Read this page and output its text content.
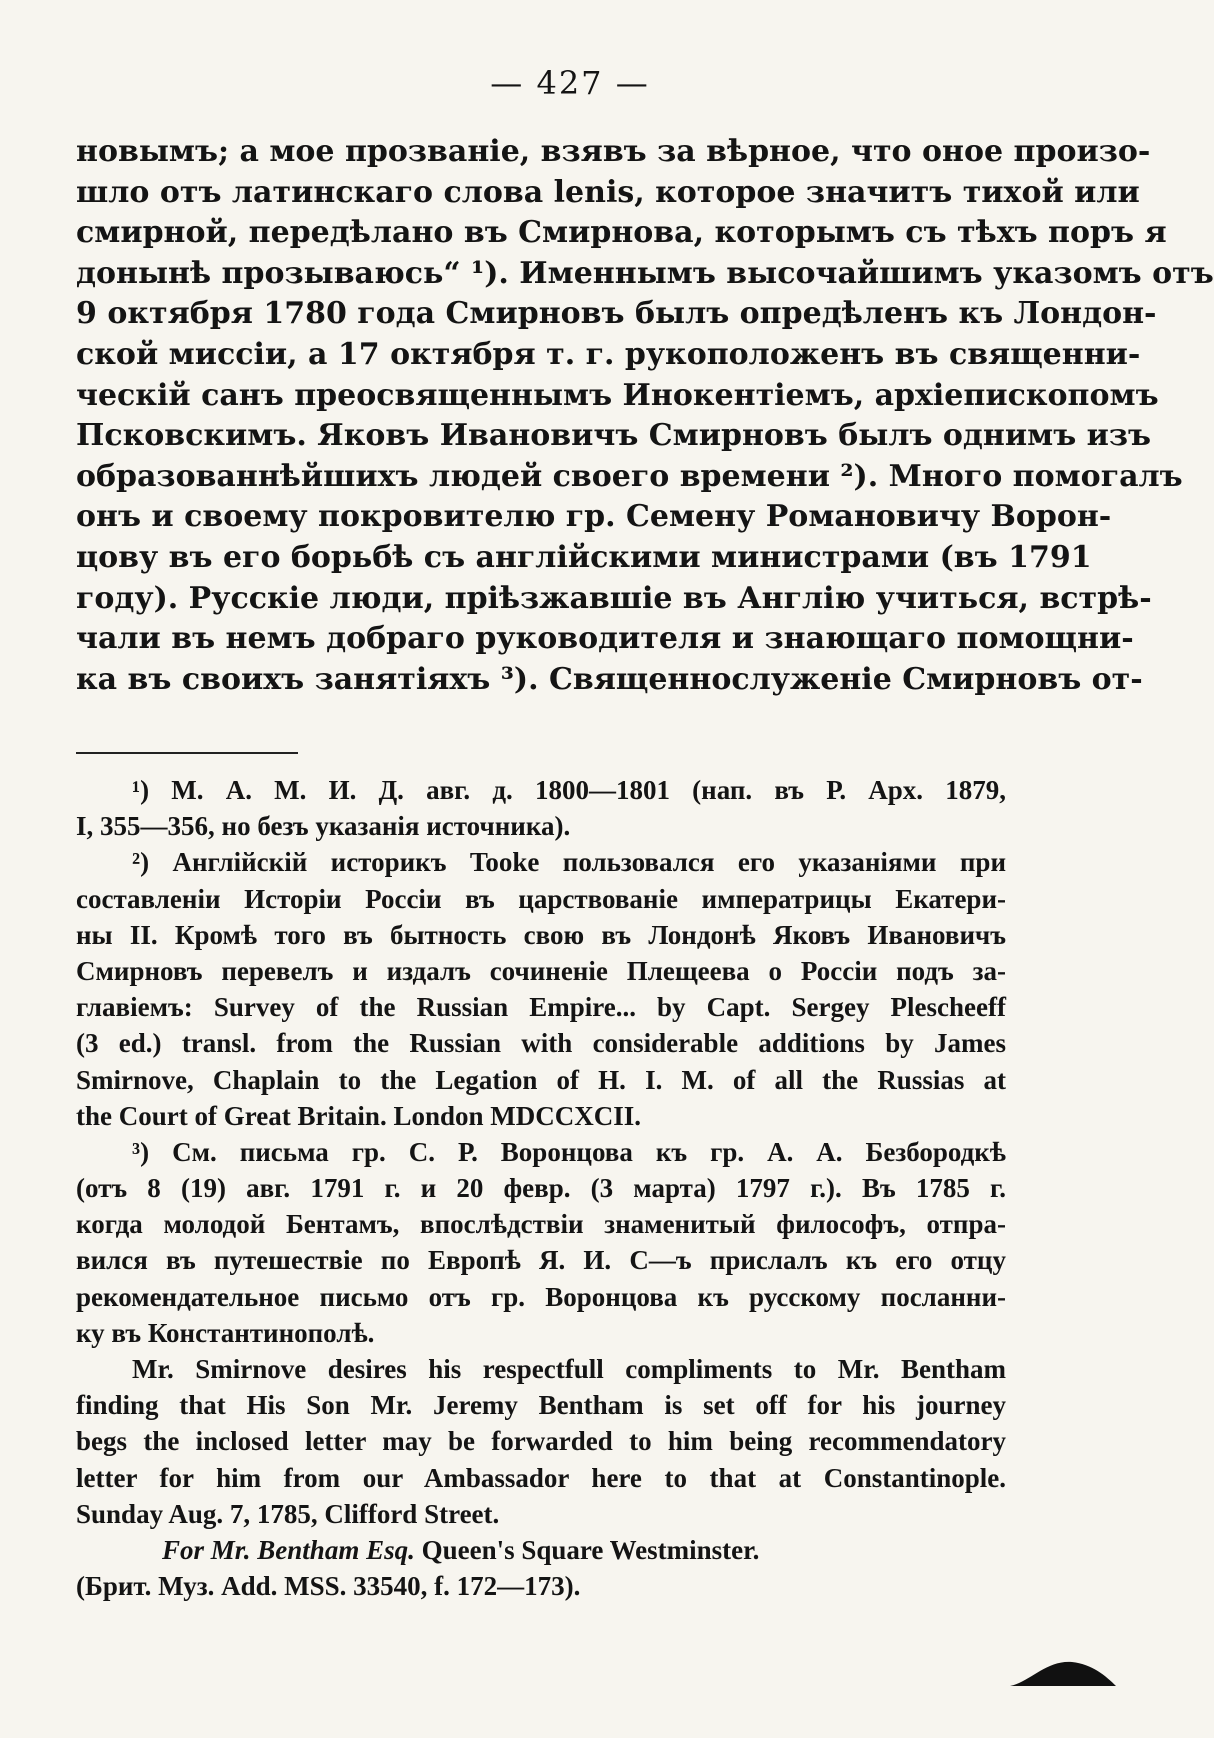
— 427 —
новымъ; а мое прозваніе, взявъ за вѣрное, что оное произо-
шло отъ латинскаго слова lenis, которое значитъ тихой или
смирной, передѣлано въ Смирнова, которымъ съ тѣхъ поръ я
донынѣ прозываюсь“ ¹). Именнымъ высочайшимъ указомъ отъ
9 октября 1780 года Смирновъ былъ опредѣленъ къ Лондон-
ской миссіи, а 17 октября т. г. рукоположенъ въ священни-
ческій санъ преосвященнымъ Инокентіемъ, архіепископомъ
Псковскимъ. Яковъ Ивановичъ Смирновъ былъ однимъ изъ
образованнѣйшихъ людей своего времени ²). Много помогалъ
онъ и своему покровителю гр. Семену Романовичу Ворон-
цову въ его борьбѣ съ англійскими министрами (въ 1791
году). Русскіе люди, пріѣзжавшіе въ Англію учиться, встрѣ-
чали въ немъ добраго руководителя и знающаго помощни-
ка въ своихъ занятіяхъ ³). Священнослуженіе Смирновъ от-
¹) М. А. М. И. Д. авг. д. 1800—1801 (нап. въ Р. Арх. 1879,
I, 355—356, но безъ указанія источника).
²) Англійскій историкъ Tooke пользовался его указаніями при
составленіи Исторіи Россіи въ царствованіе императрицы Екатери-
ны II. Кромѣ того въ бытность свою въ Лондонѣ Яковъ Ивановичъ
Смирновъ перевелъ и издалъ сочиненіе Плещеева о Россіи подъ за-
главіемъ: Survey of the Russian Empire... by Capt. Sergey Pleschееff
(3 ed.) transl. from the Russian with considerable additions by James
Smirnove, Chaplain to the Legation of H. I. M. of all the Russias at
the Court of Great Britain. London MDCCXCII.
³) См. письма гр. С. Р. Воронцова къ гр. А. А. Безбородкѣ
(отъ 8 (19) авг. 1791 г. и 20 февр. (3 марта) 1797 г.). Въ 1785 г.
когда молодой Бентамъ, впослѣдствіи знаменитый философъ, отпра-
вился въ путешествіе по Европѣ Я. И. С—ъ прислалъ къ его отцу
рекомендательное письмо отъ гр. Воронцова къ русскому посланни-
ку въ Константинополѣ.
Mr. Smirnove desires his respectfull compliments to Mr. Bentham
finding that His Son Mr. Jeremy Bentham is set off for his journey
begs the inclosed letter may be forwarded to him being recommendatory
letter for him from our Ambassador here to that at Constantinople.
Sunday Aug. 7, 1785, Clifford Street.
For Mr. Bentham Esq. Queen's Square Westminster.
(Брит. Муз. Add. MSS. 33540, f. 172—173).
